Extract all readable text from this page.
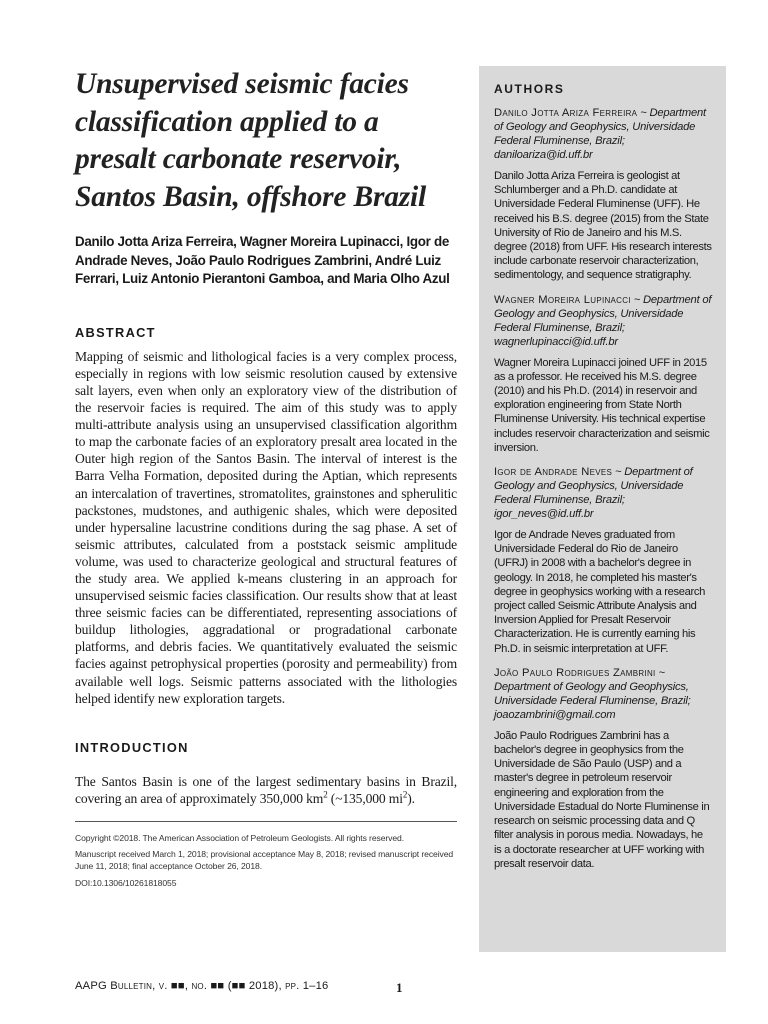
Unsupervised seismic facies classification applied to a presalt carbonate reservoir, Santos Basin, offshore Brazil
Danilo Jotta Ariza Ferreira, Wagner Moreira Lupinacci, Igor de Andrade Neves, João Paulo Rodrigues Zambrini, André Luiz Ferrari, Luiz Antonio Pierantoni Gamboa, and Maria Olho Azul
ABSTRACT

Mapping of seismic and lithological facies is a very complex process, especially in regions with low seismic resolution caused by extensive salt layers, even when only an exploratory view of the distribution of the reservoir facies is required. The aim of this study was to apply multi-attribute analysis using an unsupervised classification algorithm to map the carbonate facies of an exploratory presalt area located in the Outer high region of the Santos Basin. The interval of interest is the Barra Velha Formation, deposited during the Aptian, which represents an intercalation of travertines, stromatolites, grainstones and spherulitic packstones, mudstones, and authigenic shales, which were deposited under hypersaline lacustrine conditions during the sag phase. A set of seismic attributes, calculated from a poststack seismic amplitude volume, was used to characterize geological and structural features of the study area. We applied k-means clustering in an approach for unsupervised seismic facies classification. Our results show that at least three seismic facies can be differentiated, representing associations of buildup lithologies, aggradational or progradational carbonate platforms, and debris facies. We quantitatively evaluated the seismic facies against petrophysical properties (porosity and permeability) from available well logs. Seismic patterns associated with the lithologies helped identify new exploration targets.

INTRODUCTION

The Santos Basin is one of the largest sedimentary basins in Brazil, covering an area of approximately 350,000 $km^2$ (~135,000 $mi^2$).

Copyright ©2018. The American Association of Petroleum Geologists. All rights reserved.
Manuscript received March 1, 2018; provisional acceptance May 8, 2018; revised manuscript received June 11, 2018; final acceptance October 26, 2018.
DOI:10.1306/10261818055
AUTHORS
Danilo Jotta Ariza Ferreira ~ Department of Geology and Geophysics, Universidade Federal Fluminense, Brazil; daniloariza@id.uff.br
Danilo Jotta Ariza Ferreira is geologist at Schlumberger and a Ph.D. candidate at Universidade Federal Fluminense (UFF). He received his B.S. degree (2015) from the State University of Rio de Janeiro and his M.S. degree (2018) from UFF. His research interests include carbonate reservoir characterization, sedimentology, and sequence stratigraphy.
Wagner Moreira Lupinacci ~ Department of Geology and Geophysics, Universidade Federal Fluminense, Brazil; wagnerlupinacci@id.uff.br
Wagner Moreira Lupinacci joined UFF in 2015 as a professor. He received his M.S. degree (2010) and his Ph.D. (2014) in reservoir and exploration engineering from State North Fluminense University. His technical expertise includes reservoir characterization and seismic inversion.
Igor de Andrade Neves ~ Department of Geology and Geophysics, Universidade Federal Fluminense, Brazil; igor_neves@id.uff.br
Igor de Andrade Neves graduated from Universidade Federal do Rio de Janeiro (UFRJ) in 2008 with a bachelor's degree in geology. In 2018, he completed his master's degree in geophysics working with a research project called Seismic Attribute Analysis and Inversion Applied for Presalt Reservoir Characterization. He is currently earning his Ph.D. in seismic interpretation at UFF.
João Paulo Rodrigues Zambrini ~ Department of Geology and Geophysics, Universidade Federal Fluminense, Brazil; joaozambrini@gmail.com
João Paulo Rodrigues Zambrini has a bachelor's degree in geophysics from the Universidade de São Paulo (USP) and a master's degree in petroleum reservoir engineering and exploration from the Universidade Estadual do Norte Fluminense in research on seismic processing data and Q filter analysis in porous media. Nowadays, he is a doctorate researcher at UFF working with presalt reservoir data.
AAPG Bulletin, v. ■■, no. ■■ (■■ 2018), pp. 1–16	1
